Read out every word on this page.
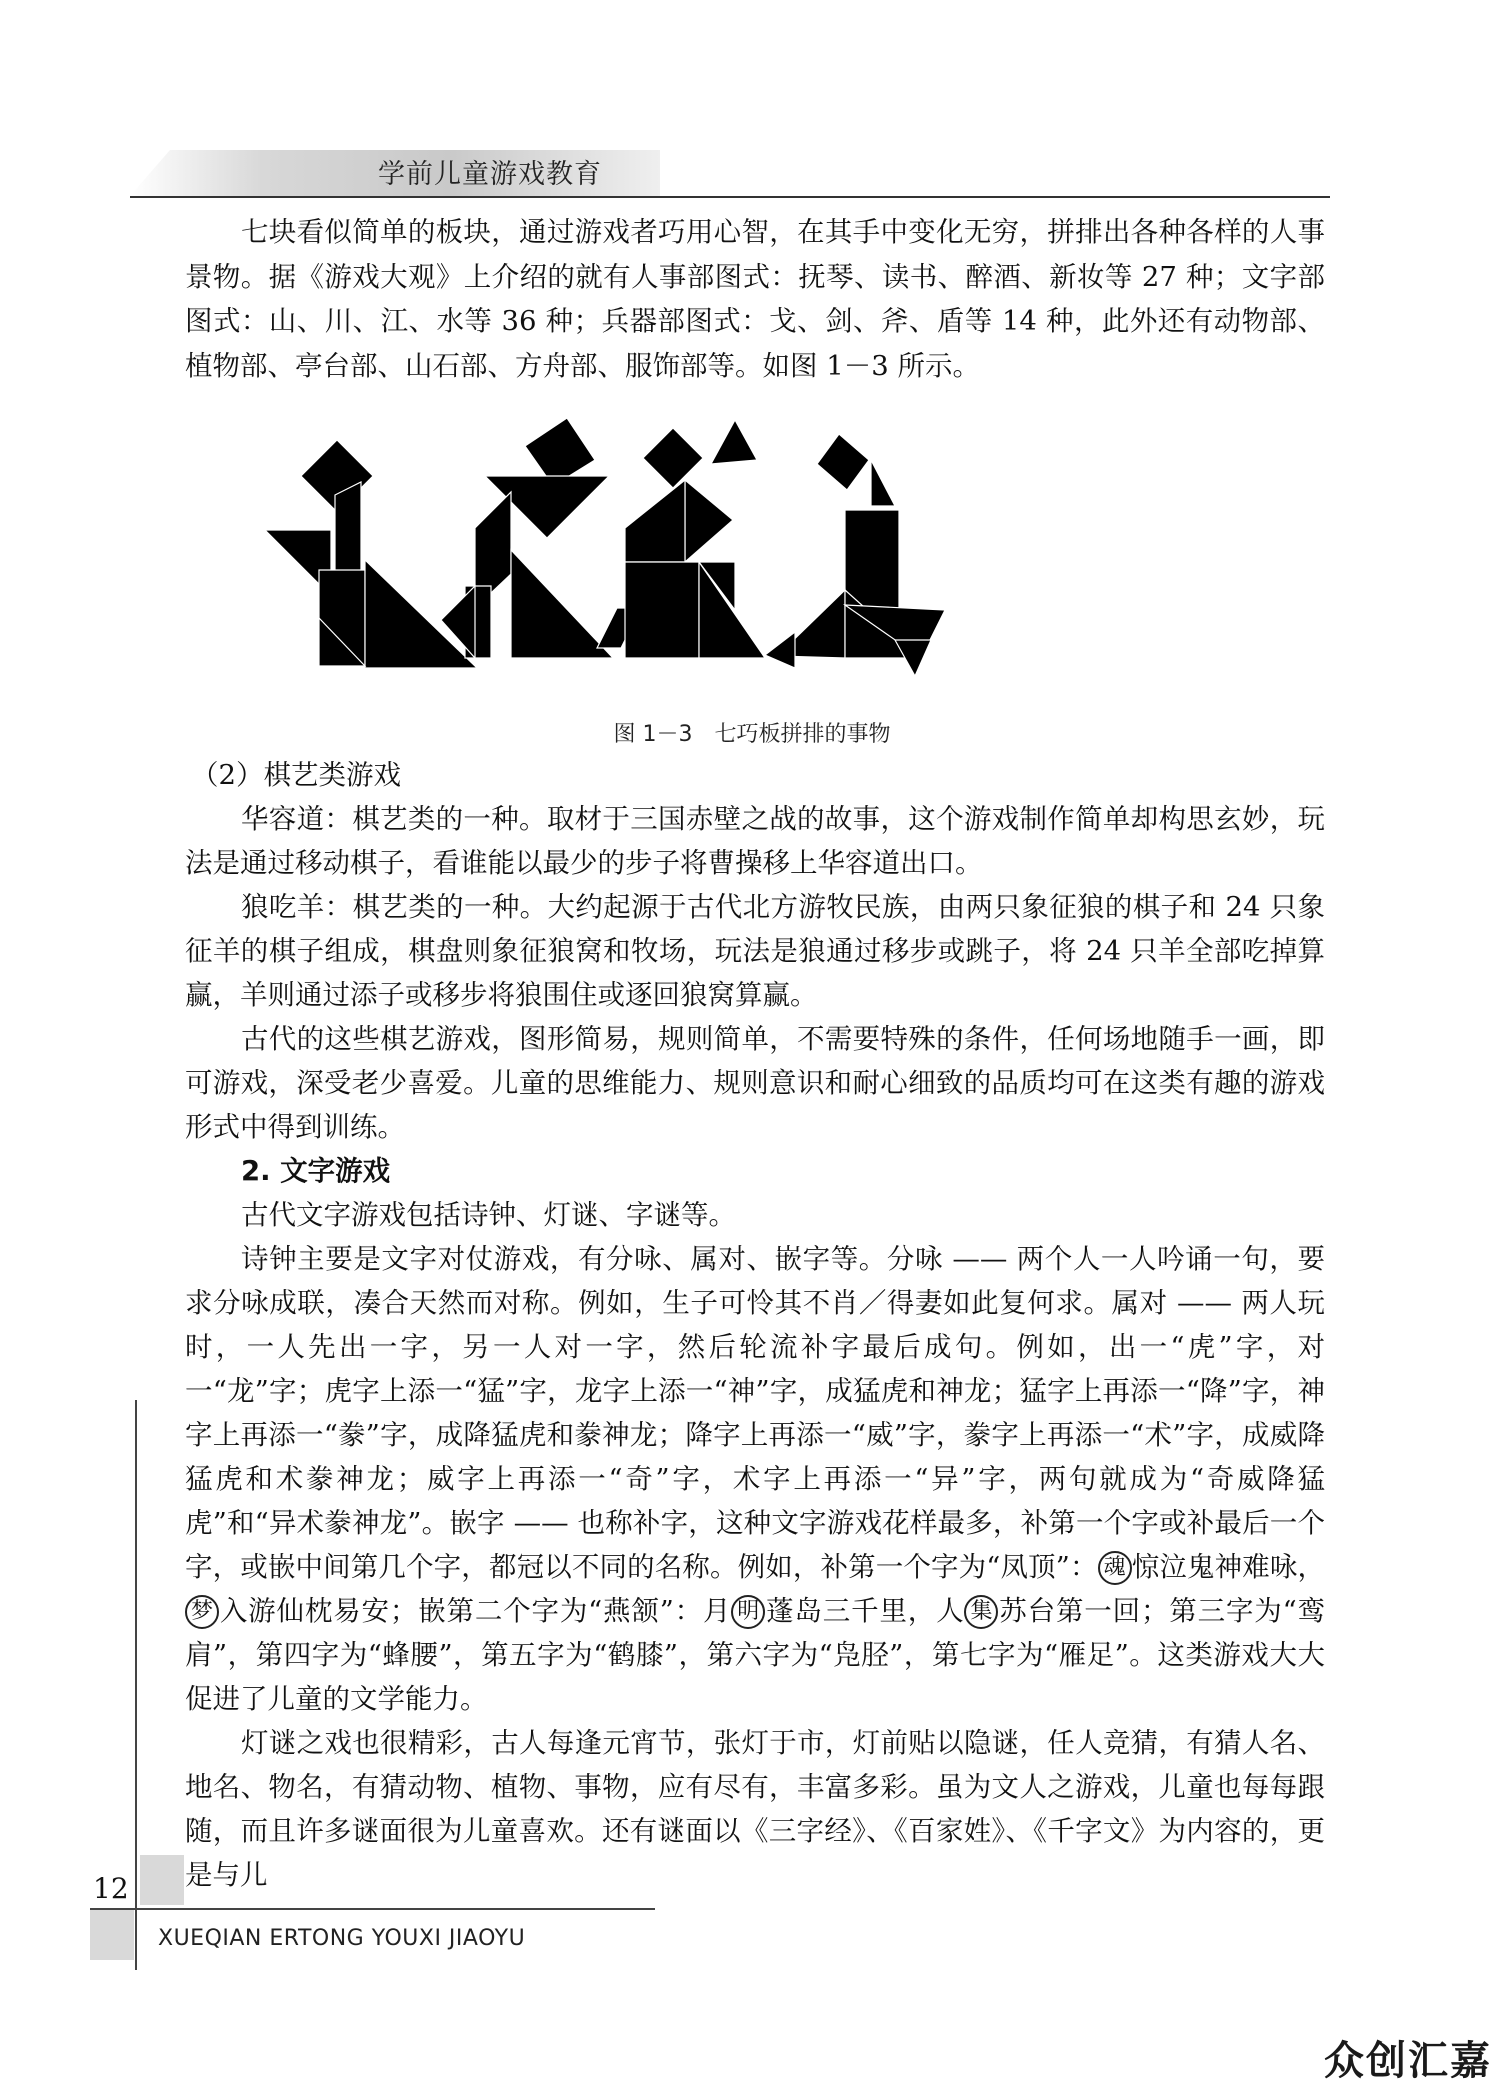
学前儿童游戏教育

七块看似简单的板块，通过游戏者巧用心智，在其手中变化无穷，拼排出各种各样的人事景物。据《游戏大观》上介绍的就有人事部图式：抚琴、读书、醉酒、新妆等 27 种；文字部图式：山、川、江、水等 36 种；兵器部图式：戈、剑、斧、盾等 14 种，此外还有动物部、植物部、亭台部、山石部、方舟部、服饰部等。如图 1－3 所示。

图 1－3　七巧板拼排的事物

（2）棋艺类游戏

华容道：棋艺类的一种。取材于三国赤壁之战的故事，这个游戏制作简单却构思玄妙，玩法是通过移动棋子，看谁能以最少的步子将曹操移上华容道出口。

狼吃羊：棋艺类的一种。大约起源于古代北方游牧民族，由两只象征狼的棋子和 24 只象征羊的棋子组成，棋盘则象征狼窝和牧场，玩法是狼通过移步或跳子，将 24 只羊全部吃掉算赢，羊则通过添子或移步将狼围住或逐回狼窝算赢。

古代的这些棋艺游戏，图形简易，规则简单，不需要特殊的条件，任何场地随手一画，即可游戏，深受老少喜爱。儿童的思维能力、规则意识和耐心细致的品质均可在这类有趣的游戏形式中得到训练。

2. 文字游戏

古代文字游戏包括诗钟、灯谜、字谜等。

诗钟主要是文字对仗游戏，有分咏、属对、嵌字等。分咏 —— 两个人一人吟诵一句，要求分咏成联，凑合天然而对称。例如，生子可怜其不肖／得妻如此复何求。属对 —— 两人玩时，一人先出一字，另一人对一字，然后轮流补字最后成句。例如，出一“虎”字，对一“龙”字；虎字上添一“猛”字，龙字上添一“神”字，成猛虎和神龙；猛字上再添一“降”字，神字上再添一“豢”字，成降猛虎和豢神龙；降字上再添一“威”字，豢字上再添一“术”字，成威降猛虎和术豢神龙；威字上再添一“奇”字，术字上再添一“异”字，两句就成为“奇威降猛虎”和“异术豢神龙”。嵌字 —— 也称补字，这种文字游戏花样最多，补第一个字或补最后一个字，或嵌中间第几个字，都冠以不同的名称。例如，补第一个字为“凤顶”： 魂 惊泣鬼神难咏，梦 入游仙枕易安；嵌第二个字为“燕颔”：月 明 蓬岛三千里，人 集 苏台第一回；第三字为“鸾肩”，第四字为“蜂腰”，第五字为“鹤膝”，第六字为“凫胫”，第七字为“雁足”。这类游戏大大促进了儿童的文学能力。

灯谜之戏也很精彩，古人每逢元宵节，张灯于市，灯前贴以隐谜，任人竞猜，有猜人名、地名、物名，有猜动物、植物、事物，应有尽有，丰富多彩。虽为文人之游戏，儿童也每每跟随，而且许多谜面很为儿童喜欢。还有谜面以《三字经》、《百家姓》、《千字文》为内容的，更是与儿

12
XUEQIAN ERTONG YOUXI JIAOYU
众创汇嘉
